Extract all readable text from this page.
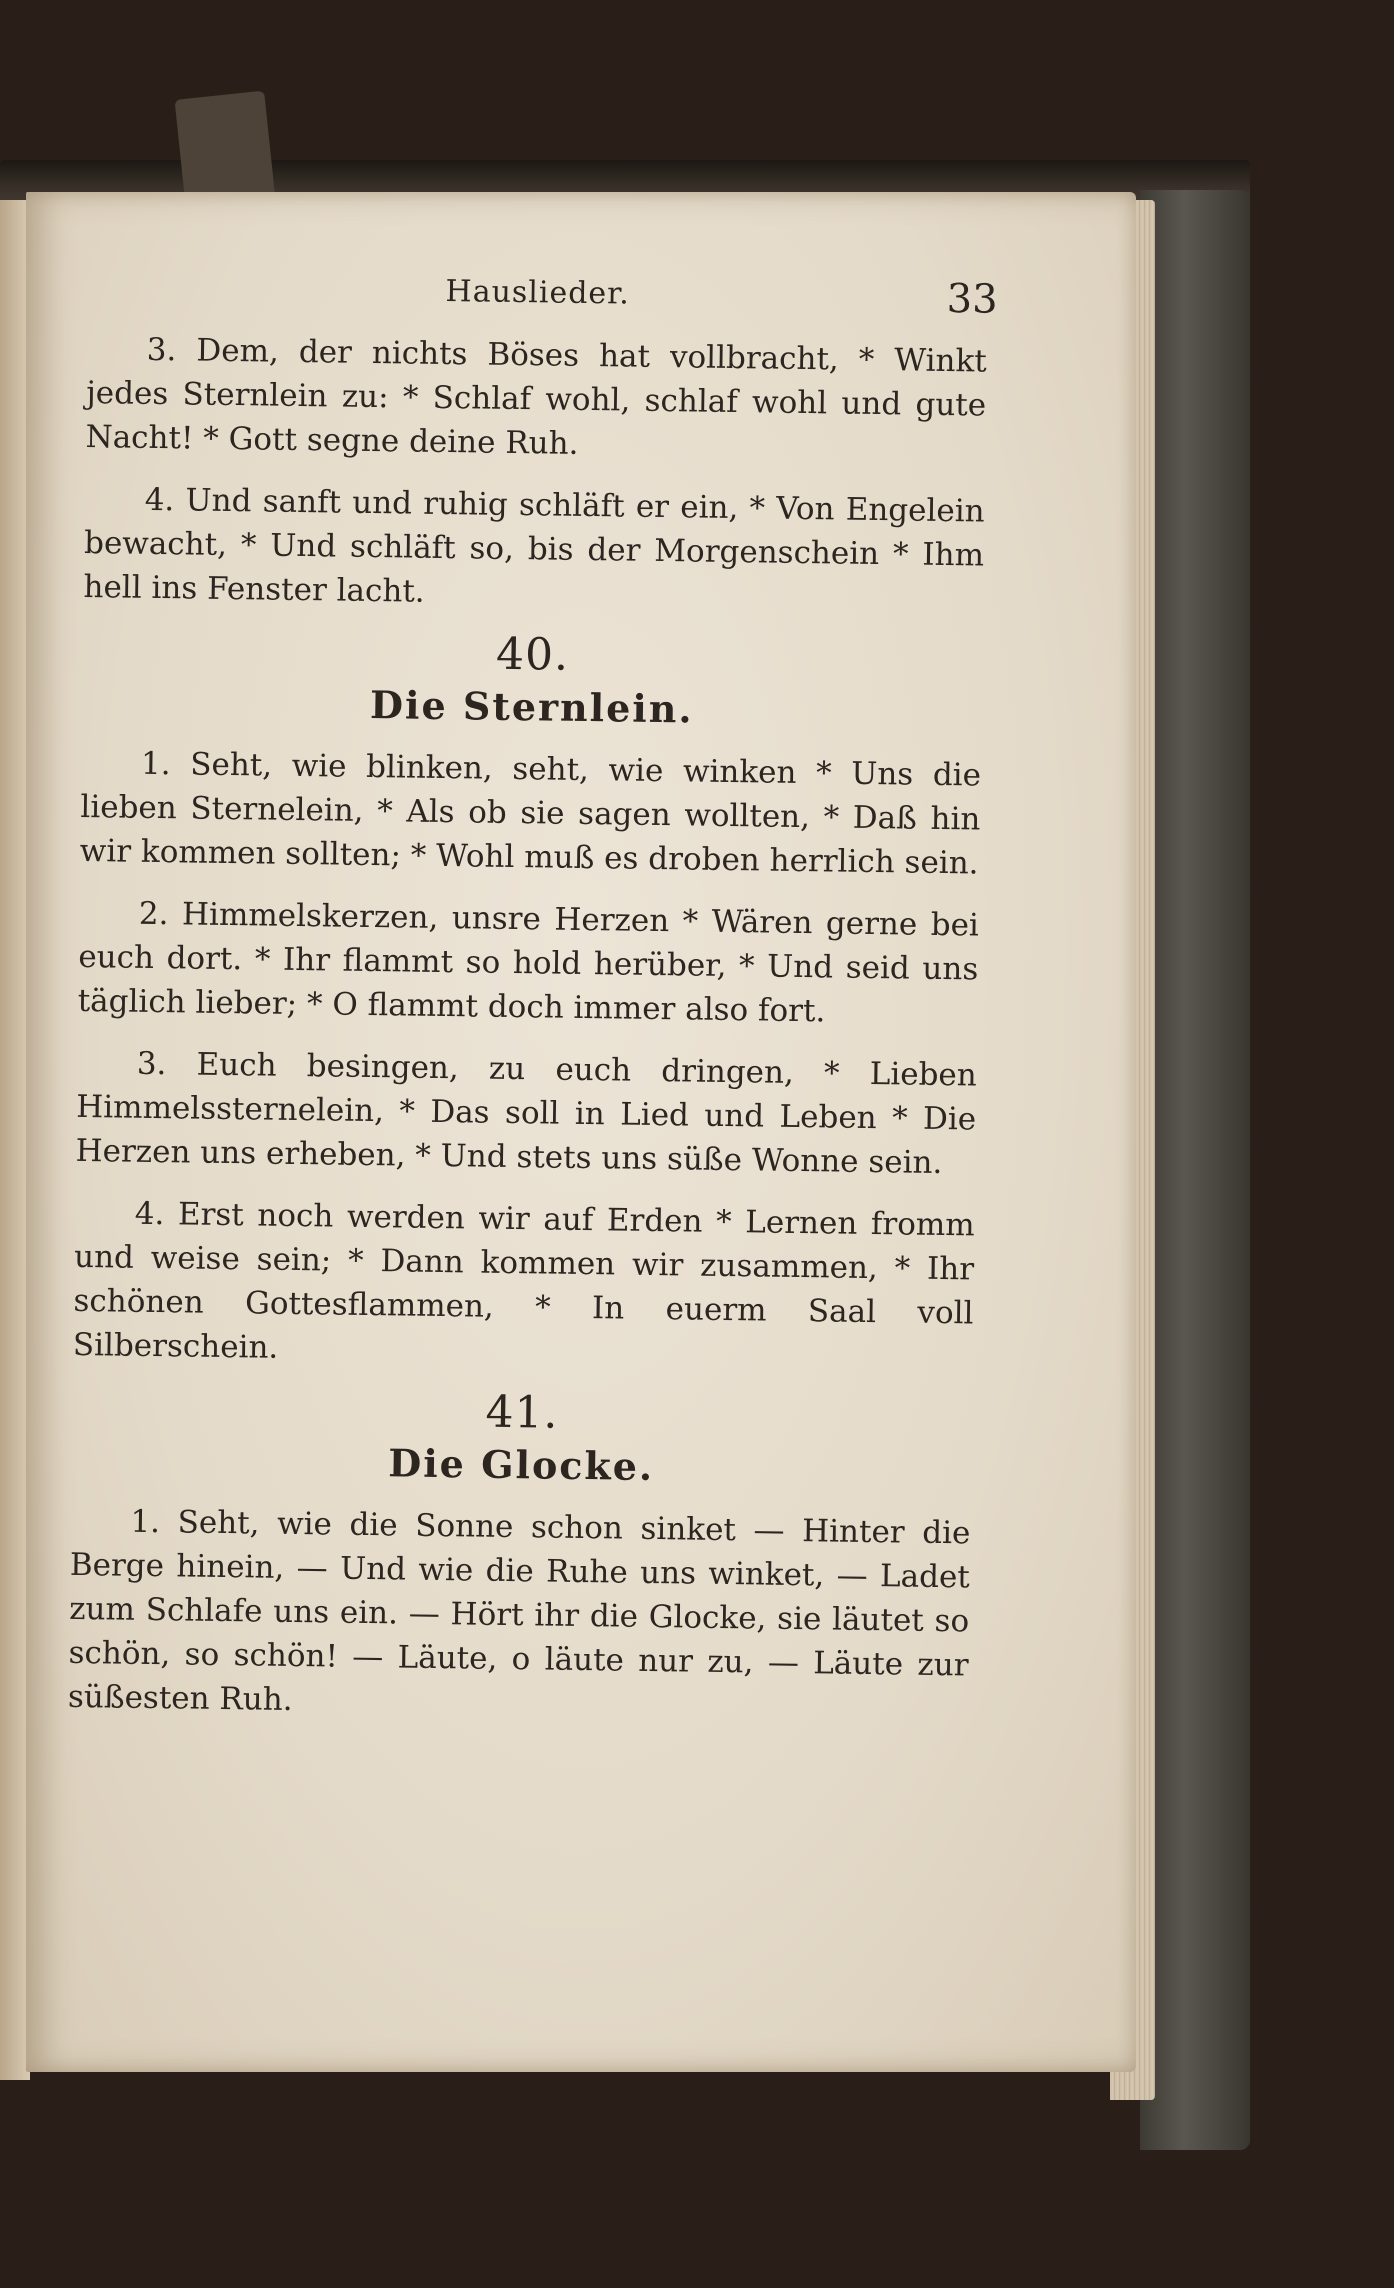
Hauslieder.	33

3. Dem, der nichts Böses hat vollbracht, * Winkt jedes Sternlein zu: * Schlaf wohl, schlaf wohl und gute Nacht! * Gott segne deine Ruh.

4. Und sanft und ruhig schläft er ein, * Von Engelein bewacht, * Und schläft so, bis der Morgenschein * Ihm hell ins Fenster lacht.

40.
Die Sternlein.

1. Seht, wie blinken, seht, wie winken * Uns die lieben Sternelein, * Als ob sie sagen wollten, * Daß hin wir kommen sollten; * Wohl muß es droben herrlich sein.

2. Himmelskerzen, unsre Herzen * Wären gerne bei euch dort. * Ihr flammt so hold herüber, * Und seid uns täglich lieber; * O flammt doch immer also fort.

3. Euch besingen, zu euch dringen, * Lieben Himmelssternelein, * Das soll in Lied und Leben * Die Herzen uns erheben, * Und stets uns süße Wonne sein.

4. Erst noch werden wir auf Erden * Lernen fromm und weise sein; * Dann kommen wir zusammen, * Ihr schönen Gottesflammen, * In euerm Saal voll Silberschein.

41.
Die Glocke.

1. Seht, wie die Sonne schon sinket — Hinter die Berge hinein, — Und wie die Ruhe uns winket, — Ladet zum Schlafe uns ein. — Hört ihr die Glocke, sie läutet so schön, so schön! — Läute, o läute nur zu, — Läute zur süßesten Ruh.
